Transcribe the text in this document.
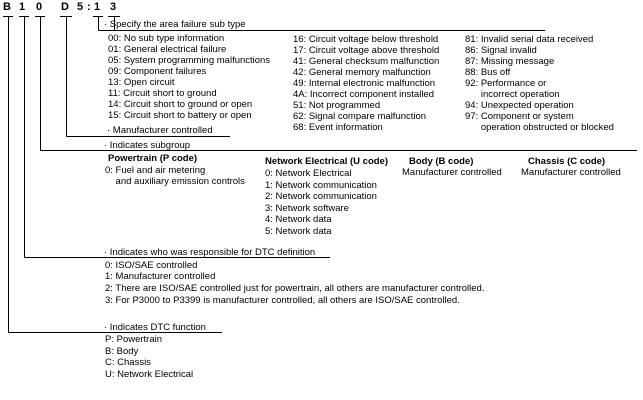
B 1 0 D 5 : 1 3
· Specify the area failure sub type
00: No sub type information
01: General electrical failure
05: System programming malfunctions
09: Component failures
13: Open circuit
11: Circuit short to ground
14: Circuit short to ground or open
15: Circuit short to battery or open
16: Circuit voltage below threshold
17: Circuit voltage above threshold
41: General checksum malfunction
42: General memory malfunction
49: Internal electronic malfunction
4A: Incorrect component installed
51: Not programmed
62: Signal compare malfunction
68: Event information
81: Invalid serial data received
86: Signal invalid
87: Missing message
88: Bus off
92: Performance or
incorrect operation
94: Unexpected operation
97: Component or system
operation obstructed or blocked
· Manufacturer controlled
· Indicates subgroup
Powertrain (P code)
0: Fuel and air metering
and auxiliary emission controls
Network Electrical (U code)
0: Network Electrical
1: Network communication
2: Network communication
3: Network software
4: Network data
5: Network data
Body (B code)
Manufacturer controlled
Chassis (C code)
Manufacturer controlled
· Indicates who was responsible for DTC definition
0: ISO/SAE controlled
1: Manufacturer controlled
2: There are ISO/SAE controlled just for powertrain, all others are manufacturer controlled.
3: For P3000 to P3399 is manufacturer controlled, all others are ISO/SAE controlled.
· Indicates DTC function
P: Powertrain
B: Body
C: Chassis
U: Network Electrical
